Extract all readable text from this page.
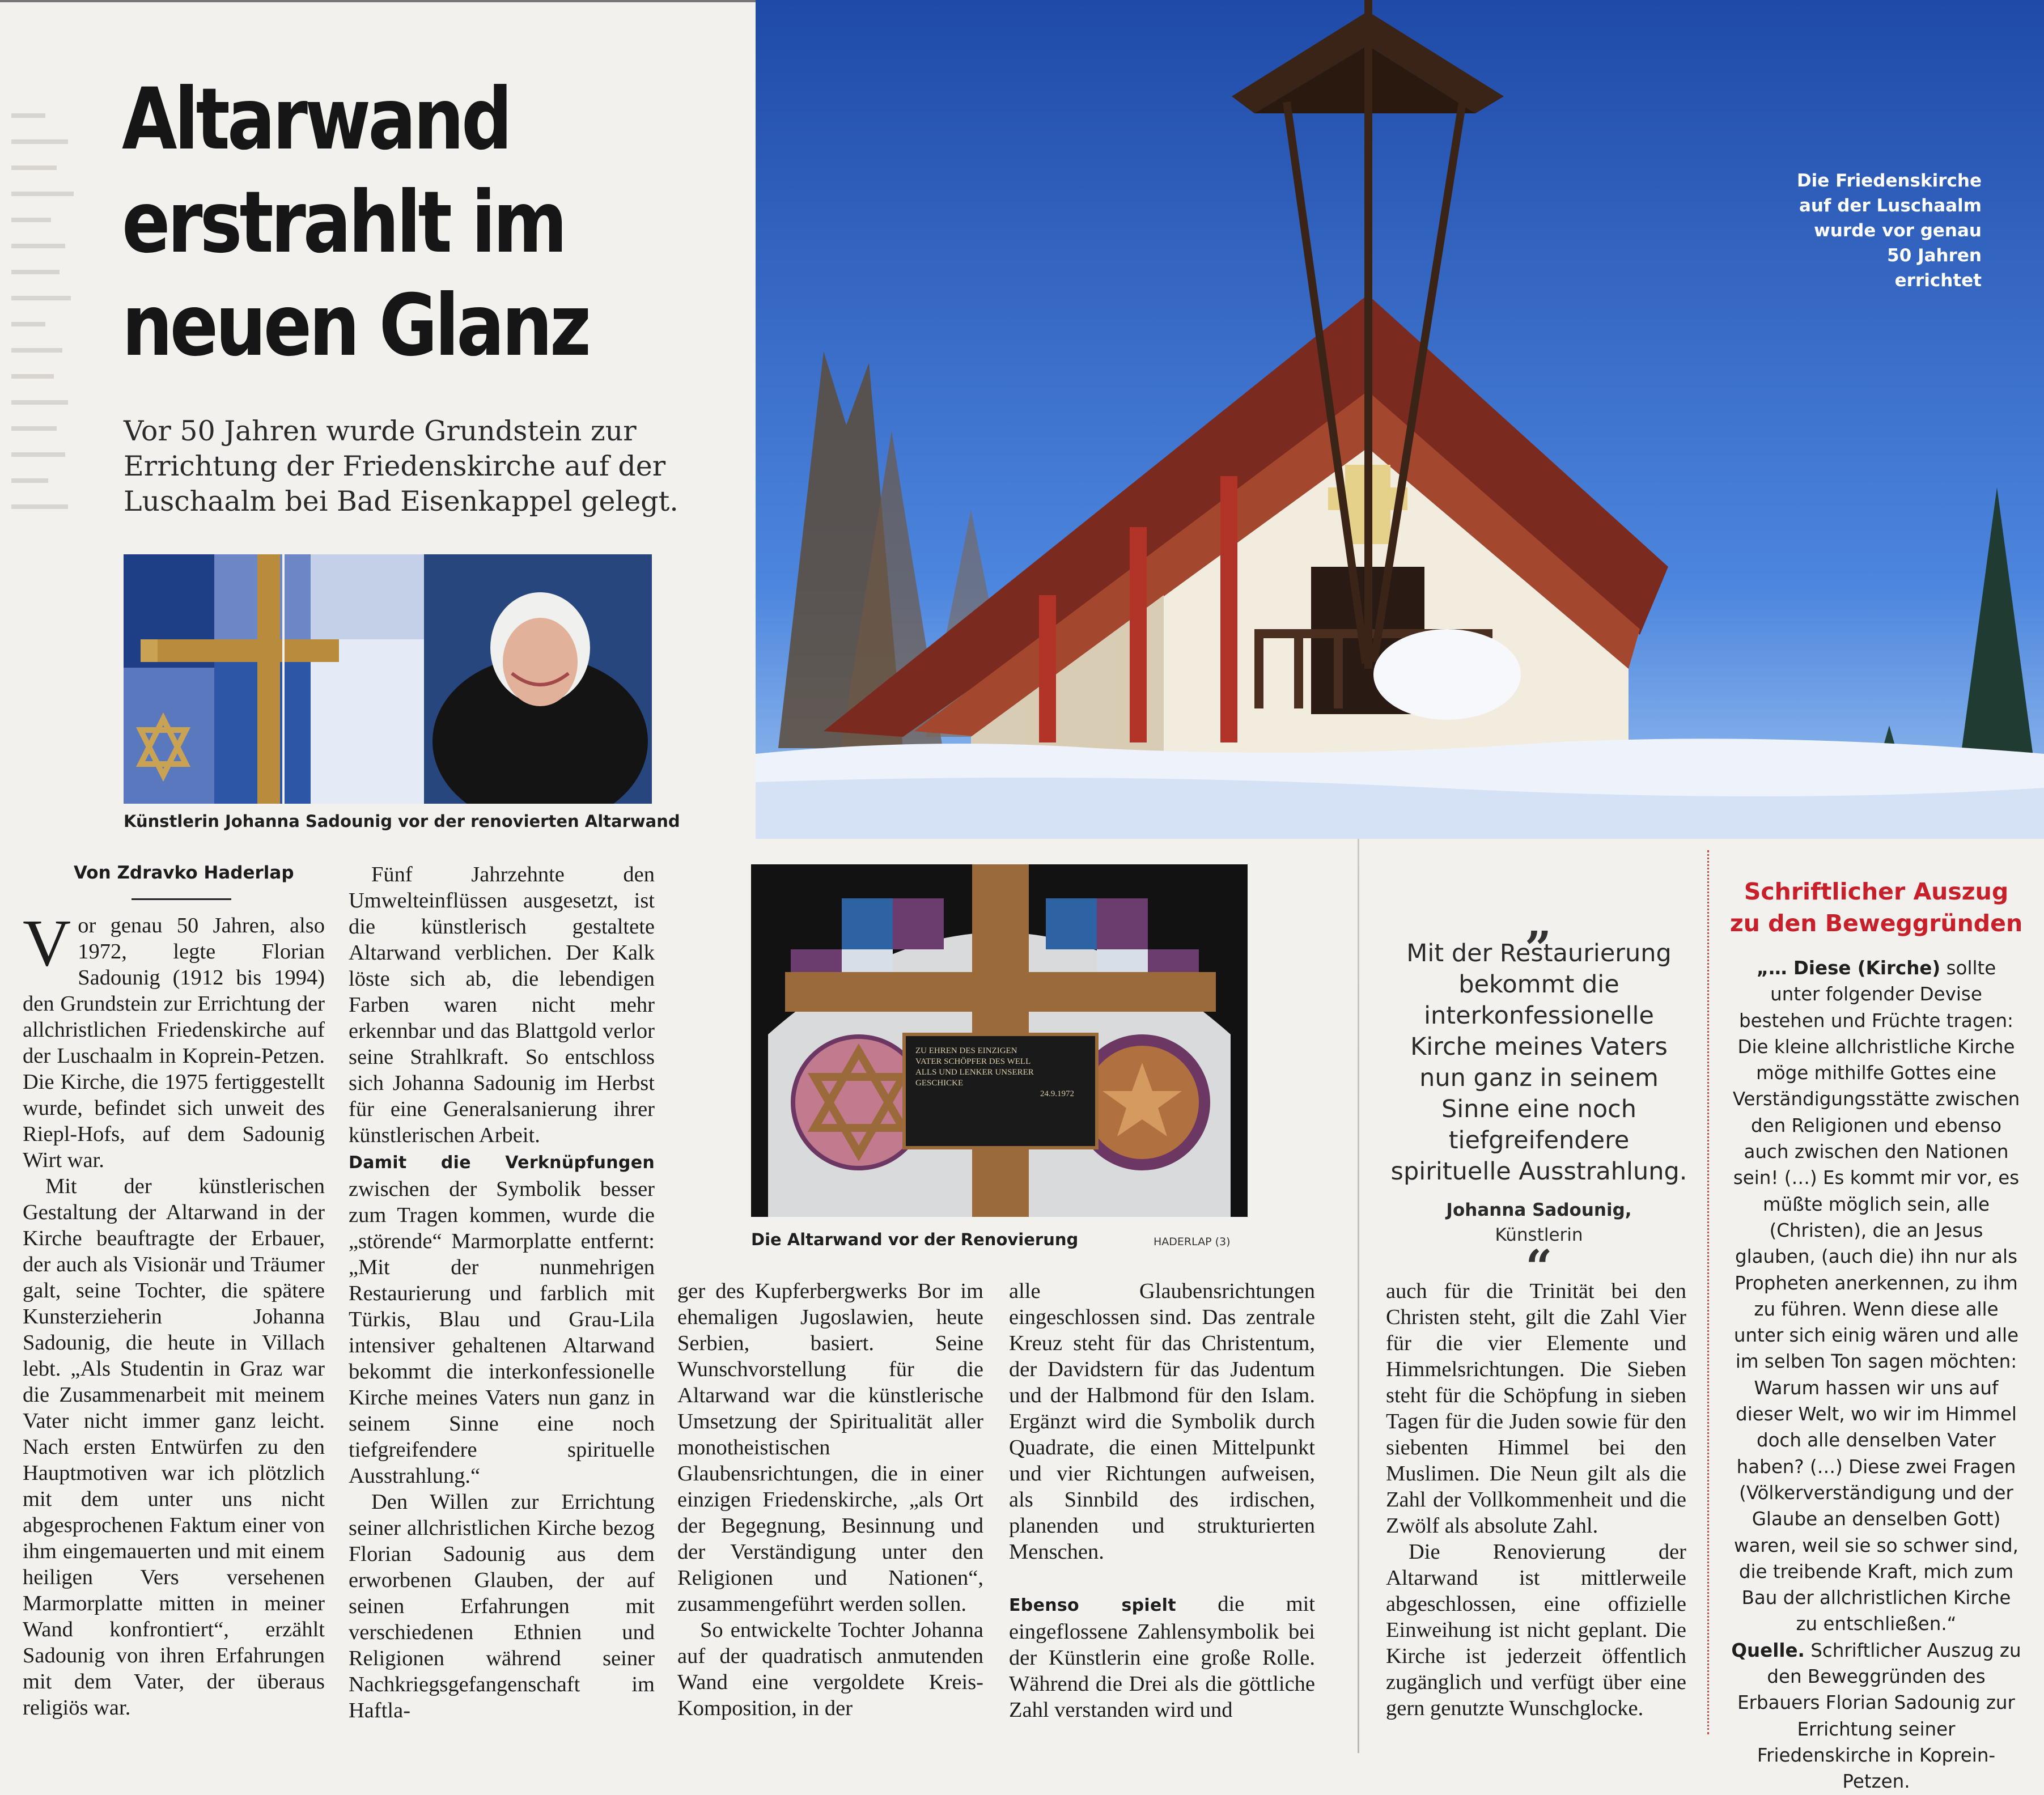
Altarwand
erstrahlt im
neuen Glanz
Vor 50 Jahren wurde Grundstein zur Errichtung der Friedenskirche auf der Luschaalm bei Bad Eisenkappel gelegt.
Künstlerin Johanna Sadounig vor der renovierten Altarwand
Von Zdravko Haderlap

Vor genau 50 Jahren, also 1972, legte Florian Sadounig (1912 bis 1994) den Grundstein zur Errichtung der allchristlichen Friedenskirche auf der Luschaalm in Koprein-Petzen. Die Kirche, die 1975 fertiggestellt wurde, befindet sich unweit des Riepl-Hofs, auf dem Sadounig Wirt war.

Mit der künstlerischen Gestaltung der Altarwand in der Kirche beauftragte der Erbauer, der auch als Visionär und Träumer galt, seine Tochter, die spätere Kunsterzieherin Johanna Sadounig, die heute in Villach lebt. „Als Studentin in Graz war die Zusammenarbeit mit meinem Vater nicht immer ganz leicht. Nach ersten Entwürfen zu den Hauptmotiven war ich plötzlich mit dem unter uns nicht abgesprochenen Faktum einer von ihm eingemauerten und mit einem heiligen Vers versehenen Marmorplatte mitten in meiner Wand konfrontiert“, erzählt Sadounig von ihren Erfahrungen mit dem Vater, der überaus religiös war.

Fünf Jahrzehnte den Umwelteinflüssen ausgesetzt, ist die künstlerisch gestaltete Altarwand verblichen. Der Kalk löste sich ab, die lebendigen Farben waren nicht mehr erkennbar und das Blattgold verlor seine Strahlkraft. So entschloss sich Johanna Sadounig im Herbst für eine Generalsanierung ihrer künstlerischen Arbeit.

Damit die Verknüpfungen zwischen der Symbolik besser zum Tragen kommen, wurde die „störende“ Marmorplatte entfernt: „Mit der nunmehrigen Restaurierung und farblich mit Türkis, Blau und Grau-Lila intensiver gehaltenen Altarwand bekommt die interkonfessionelle Kirche meines Vaters nun ganz in seinem Sinne eine noch tiefgreifendere spirituelle Ausstrahlung.“

Den Willen zur Errichtung seiner allchristlichen Kirche bezog Florian Sadounig aus dem erworbenen Glauben, der auf seinen Erfahrungen mit verschiedenen Ethnien und Religionen während seiner Nachkriegsgefangenschaft im Haftla-

Die Friedenskirche
auf der Luschaalm
wurde vor genau
50 Jahren errichtet
ZU EHREN DES EINZIGEN
VATER SCHÖPFER DES WELL
ALLS UND LENKER UNSERER
GESCHICKE
24.9.1972
Die Altarwand vor der Renovierung	HADERLAP (3)

ger des Kupferbergwerks Bor im ehemaligen Jugoslawien, heute Serbien, basiert. Seine Wunschvorstellung für die Altarwand war die künstlerische Umsetzung der Spiritualität aller monotheistischen Glaubensrichtungen, die in einer einzigen Friedenskirche, „als Ort der Begegnung, Besinnung und der Verständigung unter den Religionen und Nationen“, zusammengeführt werden sollen.

So entwickelte Tochter Johanna auf der quadratisch anmutenden Wand eine vergoldete Kreis-Komposition, in der

alle Glaubensrichtungen eingeschlossen sind. Das zentrale Kreuz steht für das Christentum, der Davidstern für das Judentum und der Halbmond für den Islam. Ergänzt wird die Symbolik durch Quadrate, die einen Mittelpunkt und vier Richtungen aufweisen, als Sinnbild des irdischen, planenden und strukturierten Menschen.

Ebenso spielt die mit eingeflossene Zahlensymbolik bei der Künstlerin eine große Rolle. Während die Drei als die göttliche Zahl verstanden wird und

„
Mit der Restaurierung bekommt die interkonfessionelle Kirche meines Vaters nun ganz in seinem Sinne eine noch tiefgreifendere spirituelle Ausstrahlung.
Johanna Sadounig,
Künstlerin
“

auch für die Trinität bei den Christen steht, gilt die Zahl Vier für die vier Elemente und Himmelsrichtungen. Die Sieben steht für die Schöpfung in sieben Tagen für die Juden sowie für den siebenten Himmel bei den Muslimen. Die Neun gilt als die Zahl der Vollkommenheit und die Zwölf als absolute Zahl.

Die Renovierung der Altarwand ist mittlerweile abgeschlossen, eine offizielle Einweihung ist nicht geplant. Die Kirche ist jederzeit öffentlich zugänglich und verfügt über eine gern genutzte Wunschglocke.

Schriftlicher Auszug
zu den Beweggründen
„… Diese (Kirche) sollte unter folgender Devise bestehen und Früchte tragen: Die kleine allchristliche Kirche möge mithilfe Gottes eine Verständigungsstätte zwischen den Religionen und ebenso auch zwischen den Nationen sein! (…) Es kommt mir vor, es müßte möglich sein, alle (Christen), die an Jesus glauben, (auch die) ihn nur als Propheten anerkennen, zu ihm zu führen. Wenn diese alle unter sich einig wären und alle im selben Ton sagen möchten: Warum hassen wir uns auf dieser Welt, wo wir im Himmel doch alle denselben Vater haben? (…) Diese zwei Fragen (Völkerverständigung und der Glaube an denselben Gott) waren, weil sie so schwer sind, die treibende Kraft, mich zum Bau der allchristlichen Kirche zu entschließen.“
Quelle. Schriftlicher Auszug zu den Beweggründen des Erbauers Florian Sadounig zur Errichtung seiner Friedenskirche in Koprein-Petzen.
